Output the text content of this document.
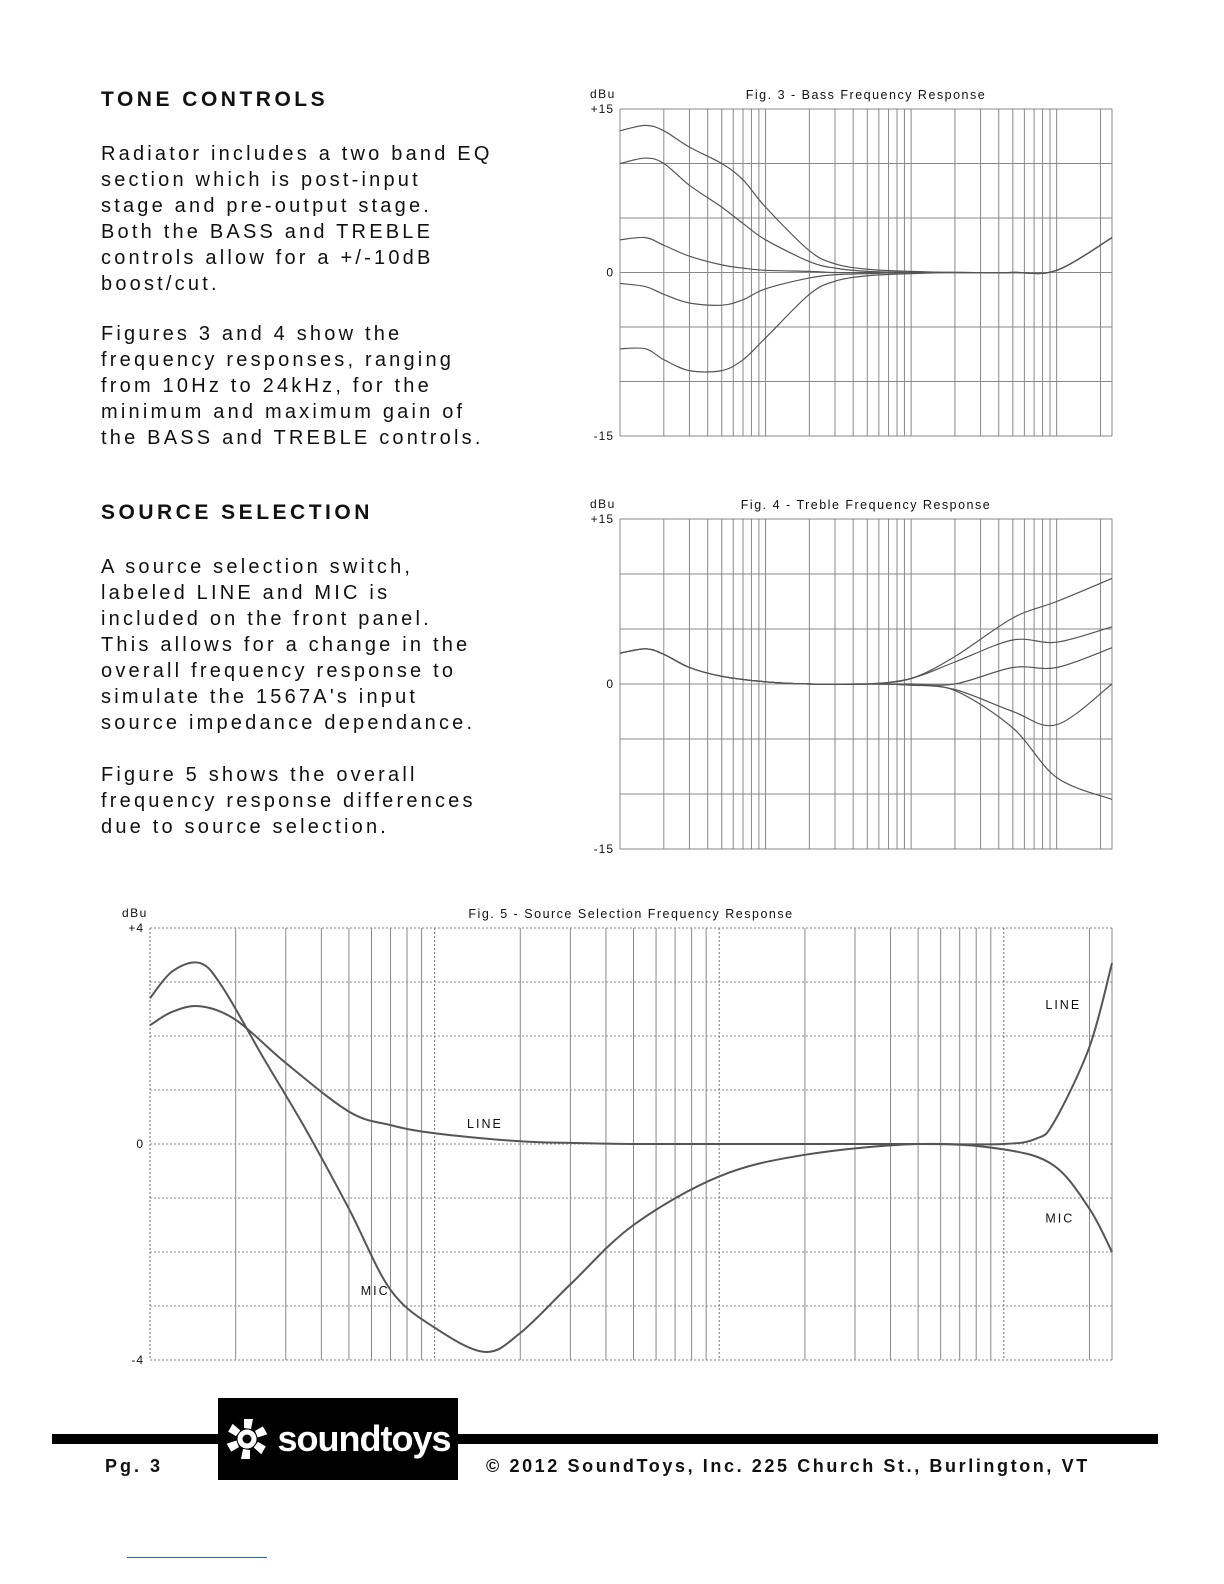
TONE CONTROLS

Radiator includes a two band EQ
section which is post-input
stage and pre-output stage.
Both the BASS and TREBLE
controls allow for a +/-10dB
boost/cut.

Figures 3 and 4 show the
frequency responses, ranging
from 10Hz to 24kHz, for the
minimum and maximum gain of
the BASS and TREBLE controls.

SOURCE SELECTION

A source selection switch,
labeled LINE and MIC is
included on the front panel.
This allows for a change in the
overall frequency response to
simulate the 1567A's input
source impedance dependance.

Figure 5 shows the overall
frequency response differences
due to source selection.

+15
0
-15
dBu	Fig. 3 - Bass Frequency Response
+15
0
-15
dBu	Fig. 4 - Treble Frequency Response
+4
0
-4
dBu	Fig. 5 - Source Selection Frequency Response
LINE
MIC
LINE
MIC
soundtoys
Pg. 3	© 2012 SoundToys, Inc. 225 Church St., Burlington, VT
